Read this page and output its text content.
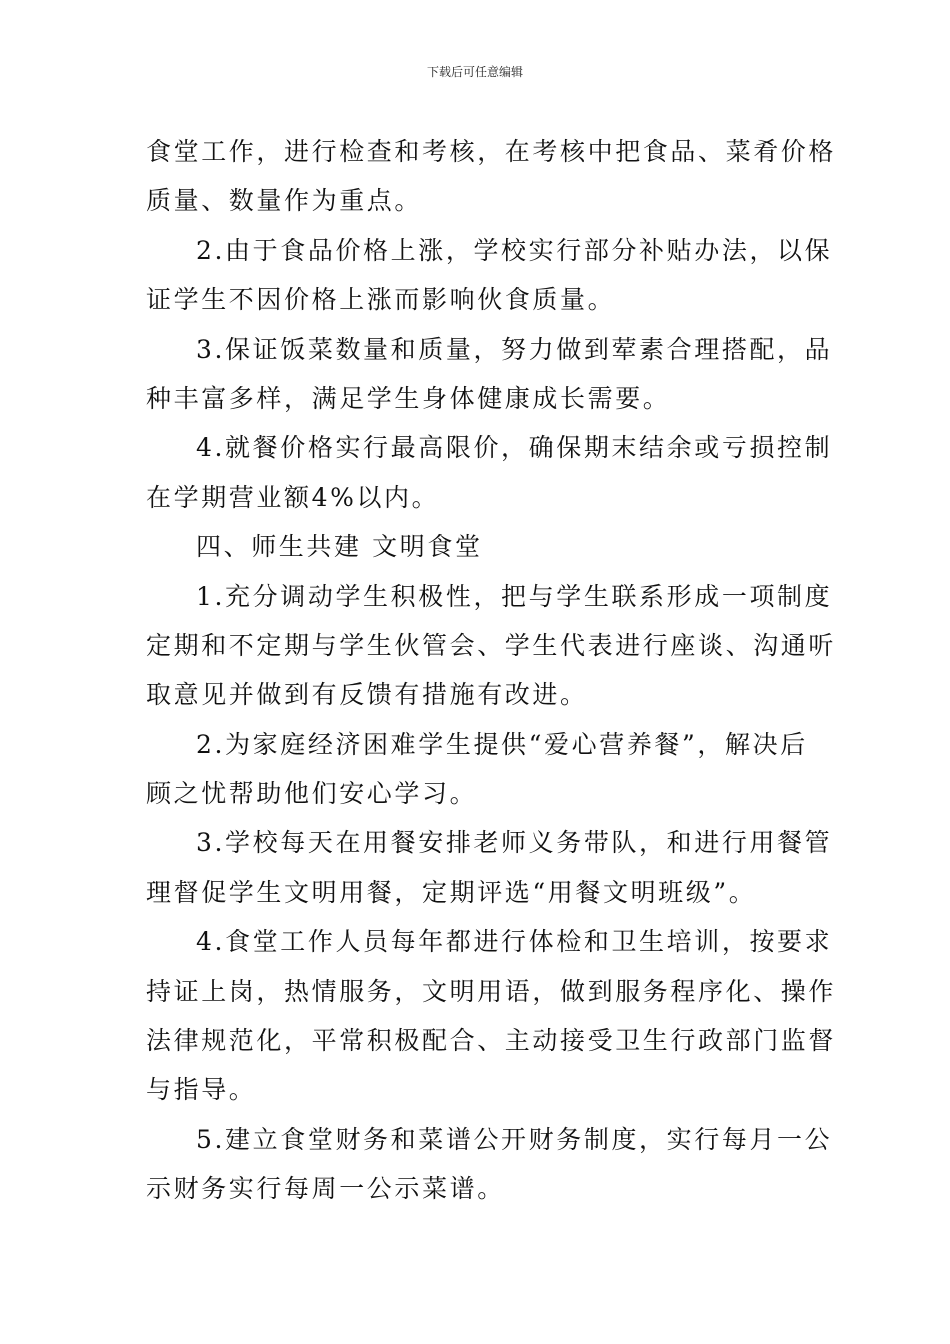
下载后可任意编辑
食堂工作，进行检查和考核，在考核中把食品、菜肴价格
质量、数量作为重点。
2.由于食品价格上涨，学校实行部分补贴办法，以保
证学生不因价格上涨而影响伙食质量。
3.保证饭菜数量和质量，努力做到荤素合理搭配，品
种丰富多样，满足学生身体健康成长需要。
4.就餐价格实行最高限价，确保期末结余或亏损控制
在学期营业额4%以内。
四、师生共建 文明食堂
1.充分调动学生积极性，把与学生联系形成一项制度
定期和不定期与学生伙管会、学生代表进行座谈、沟通听
取意见并做到有反馈有措施有改进。
2.为家庭经济困难学生提供“爱心营养餐”，解决后
顾之忧帮助他们安心学习。
3.学校每天在用餐安排老师义务带队，和进行用餐管
理督促学生文明用餐，定期评选“用餐文明班级”。
4.食堂工作人员每年都进行体检和卫生培训，按要求
持证上岗，热情服务，文明用语，做到服务程序化、操作
法律规范化，平常积极配合、主动接受卫生行政部门监督
与指导。
5.建立食堂财务和菜谱公开财务制度，实行每月一公
示财务实行每周一公示菜谱。
